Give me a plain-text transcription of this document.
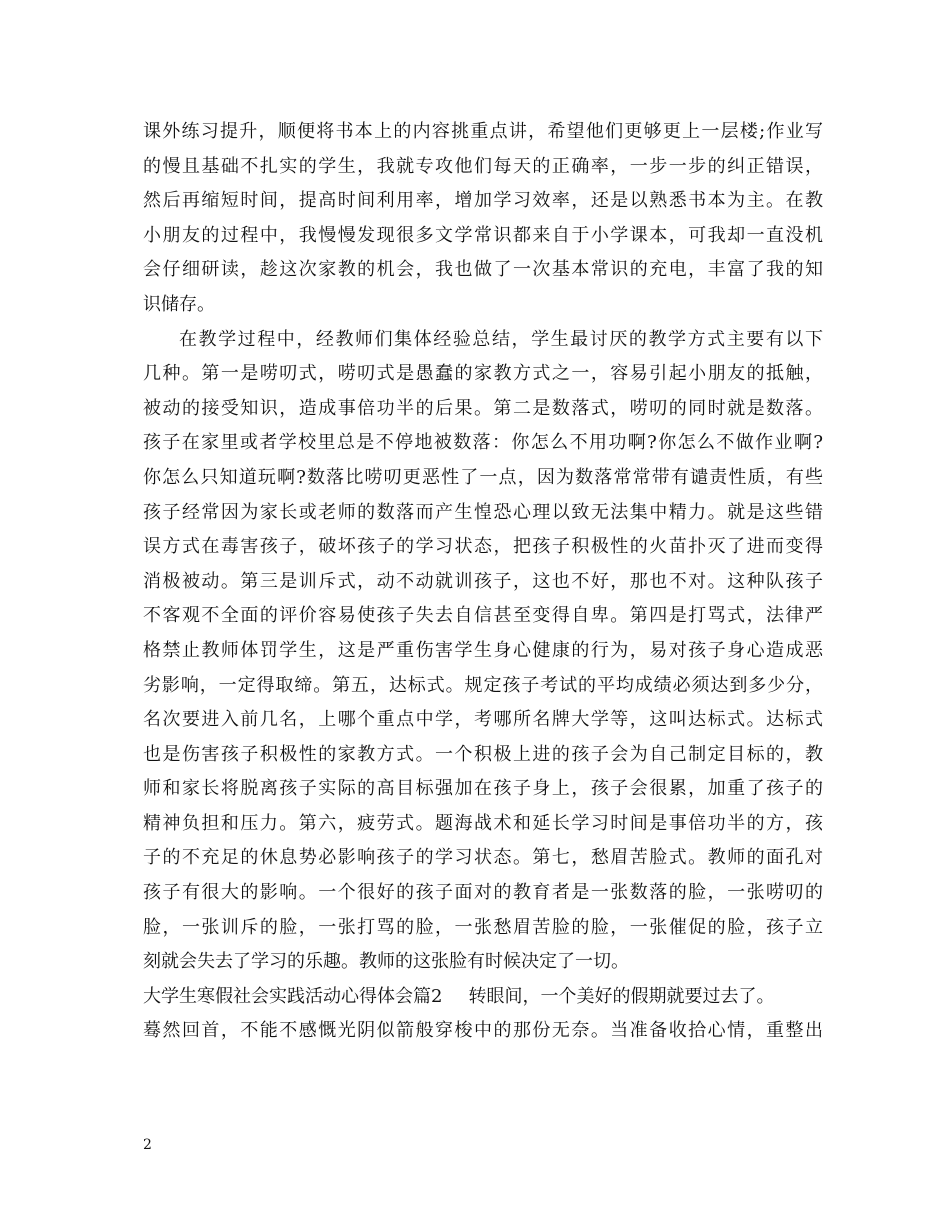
课外练习提升，顺便将书本上的内容挑重点讲，希望他们更够更上一层楼;作业写
的慢且基础不扎实的学生，我就专攻他们每天的正确率，一步一步的纠正错误，
然后再缩短时间，提高时间利用率，增加学习效率，还是以熟悉书本为主。在教
小朋友的过程中，我慢慢发现很多文学常识都来自于小学课本，可我却一直没机
会仔细研读，趁这次家教的机会，我也做了一次基本常识的充电，丰富了我的知
识储存。
在教学过程中，经教师们集体经验总结，学生最讨厌的教学方式主要有以下
几种。第一是唠叨式，唠叨式是愚蠢的家教方式之一，容易引起小朋友的抵触，
被动的接受知识，造成事倍功半的后果。第二是数落式，唠叨的同时就是数落。
孩子在家里或者学校里总是不停地被数落：你怎么不用功啊?你怎么不做作业啊?
你怎么只知道玩啊?数落比唠叨更恶性了一点，因为数落常常带有谴责性质，有些
孩子经常因为家长或老师的数落而产生惶恐心理以致无法集中精力。就是这些错
误方式在毒害孩子，破坏孩子的学习状态，把孩子积极性的火苗扑灭了进而变得
消极被动。第三是训斥式，动不动就训孩子，这也不好，那也不对。这种队孩子
不客观不全面的评价容易使孩子失去自信甚至变得自卑。第四是打骂式，法律严
格禁止教师体罚学生，这是严重伤害学生身心健康的行为，易对孩子身心造成恶
劣影响，一定得取缔。第五，达标式。规定孩子考试的平均成绩必须达到多少分，
名次要进入前几名，上哪个重点中学，考哪所名牌大学等，这叫达标式。达标式
也是伤害孩子积极性的家教方式。一个积极上进的孩子会为自己制定目标的，教
师和家长将脱离孩子实际的高目标强加在孩子身上，孩子会很累，加重了孩子的
精神负担和压力。第六，疲劳式。题海战术和延长学习时间是事倍功半的方，孩
子的不充足的休息势必影响孩子的学习状态。第七，愁眉苦脸式。教师的面孔对
孩子有很大的影响。一个很好的孩子面对的教育者是一张数落的脸，一张唠叨的
脸，一张训斥的脸，一张打骂的脸，一张愁眉苦脸的脸，一张催促的脸，孩子立
刻就会失去了学习的乐趣。教师的这张脸有时候决定了一切。
大学生寒假社会实践活动心得体会篇2 转眼间，一个美好的假期就要过去了。
蓦然回首，不能不感慨光阴似箭般穿梭中的那份无奈。当准备收拾心情，重整出
2
